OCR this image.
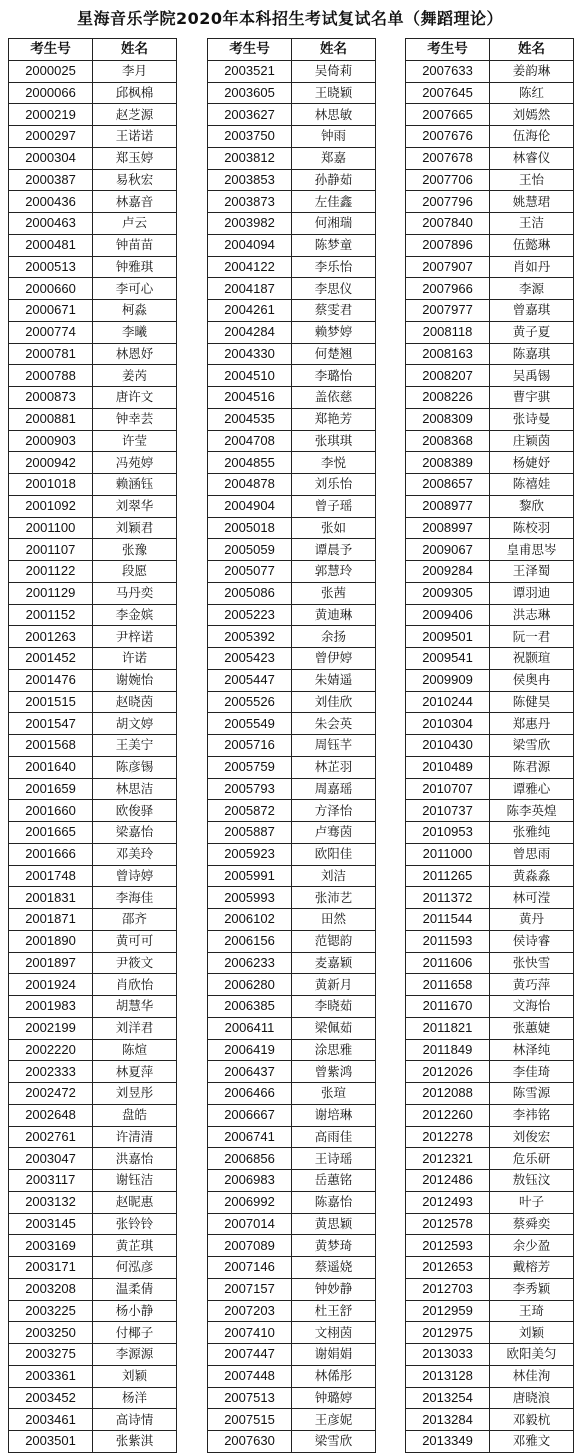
星海音乐学院2020年本科招生考试复试名单（舞蹈理论）
考生号	姓名
2000025	李月
2000066	邱枫棉
2000219	赵芝源
2000297	王诺诺
2000304	郑玉婷
2000387	易秋宏
2000436	林嘉音
2000463	卢云
2000481	钟苗苗
2000513	钟雅琪
2000660	李可心
2000671	柯淼
2000774	李曦
2000781	林恩妤
2000788	姜芮
2000873	唐许文
2000881	钟幸芸
2000903	许莹
2000942	冯苑婷
2001018	赖涵钰
2001092	刘翠华
2001100	刘颖君
2001107	张豫
2001122	段愿
2001129	马丹奕
2001152	李金嫔
2001263	尹梓诺
2001452	许诺
2001476	谢婉怡
2001515	赵晓茵
2001547	胡文婷
2001568	王美宁
2001640	陈彦锡
2001659	林思洁
2001660	欧俊驿
2001665	梁嘉怡
2001666	邓美玲
2001748	曾诗婷
2001831	李海佳
2001871	邵齐
2001890	黄可可
2001897	尹筱文
2001924	肖欣怡
2001983	胡慧华
2002199	刘洋君
2002220	陈煊
2002333	林夏萍
2002472	刘昱彤
2002648	盘皓
2002761	许清清
2003047	洪嘉怡
2003117	谢钰洁
2003132	赵昵惠
2003145	张铃铃
2003169	黄芷琪
2003171	何泓彦
2003208	温柔倩
2003225	杨小静
2003250	付椰子
2003275	李源源
2003361	刘颖
2003452	杨洋
2003461	高诗情
2003501	张紫淇
考生号	姓名
2003521	吴倚莉
2003605	王晓颖
2003627	林思敏
2003750	钟雨
2003812	郑嘉
2003853	孙静茹
2003873	左佳鑫
2003982	何湘瑞
2004094	陈梦童
2004122	李乐怡
2004187	李思仪
2004261	蔡雯君
2004284	赖梦婷
2004330	何楚翘
2004510	李璐怡
2004516	盖依慈
2004535	郑艳芳
2004708	张琪琪
2004855	李悦
2004878	刘乐怡
2004904	曾子瑶
2005018	张如
2005059	谭晨予
2005077	郭慧玲
2005086	张茜
2005223	黄迪琳
2005392	余扬
2005423	曾伊婷
2005447	朱婧遥
2005526	刘佳欣
2005549	朱会英
2005716	周钰芊
2005759	林芷羽
2005793	周嘉瑶
2005872	方泽怡
2005887	卢骞茵
2005923	欧阳佳
2005991	刘洁
2005993	张沛艺
2006102	田然
2006156	范锶韵
2006233	麦嘉颖
2006280	黄新月
2006385	李晓茹
2006411	梁佩茹
2006419	涂思雅
2006437	曾紫鸿
2006466	张瑄
2006667	谢培琳
2006741	高雨佳
2006856	王诗瑶
2006983	岳蕙铭
2006992	陈嘉怡
2007014	黄思颖
2007089	黄梦琦
2007146	蔡遥娆
2007157	钟妙静
2007203	杜王舒
2007410	文栩茵
2007447	谢娟娟
2007448	林俙彤
2007513	钟璐婷
2007515	王彦妮
2007630	梁雪欣
考生号	姓名
2007633	姜韵琳
2007645	陈红
2007665	刘嫣然
2007676	伍海伦
2007678	林睿仪
2007706	王怡
2007796	姚慧珺
2007840	王洁
2007896	伍懿琳
2007907	肖如丹
2007966	李源
2007977	曾嘉琪
2008118	黄子夏
2008163	陈嘉琪
2008207	吴禹锡
2008226	曹宇骐
2008309	张诗曼
2008368	庄颖茵
2008389	杨婕妤
2008657	陈禧娃
2008977	黎欣
2008997	陈校羽
2009067	皇甫思岑
2009284	王泽蜀
2009305	谭羽迪
2009406	洪志琳
2009501	阮一君
2009541	祝颢瑄
2009909	侯奥冉
2010244	陈健昊
2010304	郑惠丹
2010430	梁雪欣
2010489	陈君源
2010707	谭雅心
2010737	陈李英煌
2010953	张雅纯
2011000	曾思雨
2011265	黄淼淼
2011372	林可滢
2011544	黄丹
2011593	侯诗睿
2011606	张快雪
2011658	黄巧萍
2011670	文海怡
2011821	张蕙婕
2011849	林泽纯
2012026	李佳琦
2012088	陈雪源
2012260	李祎铭
2012278	刘俊宏
2012321	危乐研
2012486	敖钰汶
2012493	叶子
2012578	蔡舜奕
2012593	余少盈
2012653	戴榕芳
2012703	李秀颖
2012959	王琦
2012975	刘颖
2013033	欧阳美匀
2013128	林佳洵
2013254	唐晓浪
2013284	邓毅杭
2013349	邓雅文
